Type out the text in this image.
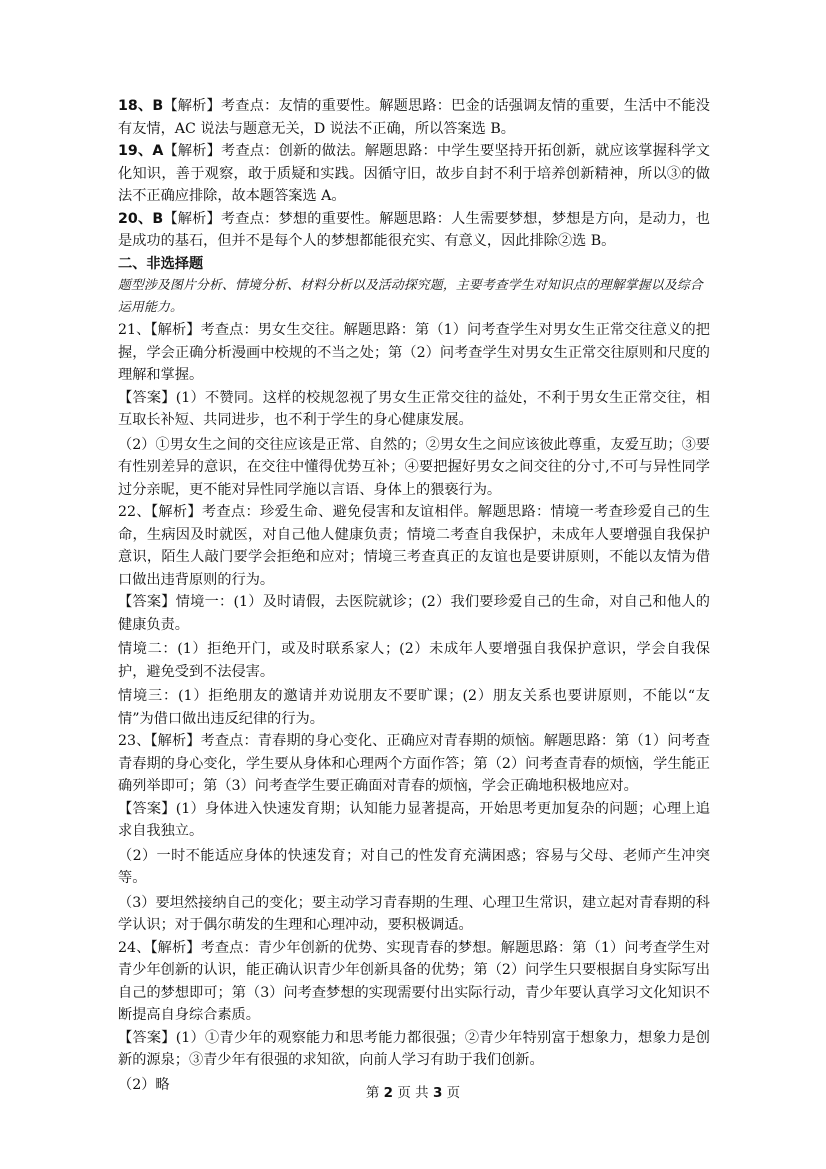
18、B【解析】考查点：友情的重要性。解题思路：巴金的话强调友情的重要，生活中不能没有友情，AC 说法与题意无关，D 说法不正确，所以答案选 B。

19、A【解析】考查点：创新的做法。解题思路：中学生要坚持开拓创新，就应该掌握科学文化知识，善于观察，敢于质疑和实践。因循守旧，故步自封不利于培养创新精神，所以③的做法不正确应排除，故本题答案选 A。

20、B【解析】考查点：梦想的重要性。解题思路：人生需要梦想，梦想是方向，是动力，也是成功的基石，但并不是每个人的梦想都能很充实、有意义，因此排除②选 B。

二、非选择题

题型涉及图片分析、情境分析、材料分析以及活动探究题，主要考查学生对知识点的理解掌握以及综合运用能力。

21、【解析】考查点：男女生交往。解题思路：第（1）问考查学生对男女生正常交往意义的把握，学会正确分析漫画中校规的不当之处；第（2）问考查学生对男女生正常交往原则和尺度的理解和掌握。

【答案】(1）不赞同。这样的校规忽视了男女生正常交往的益处，不利于男女生正常交往，相互取长补短、共同进步，也不利于学生的身心健康发展。

（2）①男女生之间的交往应该是正常、自然的；②男女生之间应该彼此尊重，友爱互助；③要有性别差异的意识，在交往中懂得优势互补；④要把握好男女之间交往的分寸,不可与异性同学过分亲昵，更不能对异性同学施以言语、身体上的猥亵行为。

22、【解析】考查点：珍爱生命、避免侵害和友谊相伴。解题思路：情境一考查珍爱自己的生命，生病因及时就医，对自己他人健康负责；情境二考查自我保护，未成年人要增强自我保护意识，陌生人敲门要学会拒绝和应对；情境三考查真正的友谊也是要讲原则，不能以友情为借口做出违背原则的行为。

【答案】情境一：(1）及时请假，去医院就诊；(2）我们要珍爱自己的生命，对自己和他人的健康负责。

情境二：(1）拒绝开门，或及时联系家人；(2）未成年人要增强自我保护意识，学会自我保护，避免受到不法侵害。

情境三：(1）拒绝朋友的邀请并劝说朋友不要旷课；(2）朋友关系也要讲原则，不能以“友情”为借口做出违反纪律的行为。

23、【解析】考查点：青春期的身心变化、正确应对青春期的烦恼。解题思路：第（1）问考查青春期的身心变化，学生要从身体和心理两个方面作答；第（2）问考查青春的烦恼，学生能正确列举即可；第（3）问考查学生要正确面对青春的烦恼，学会正确地积极地应对。

【答案】(1）身体进入快速发育期；认知能力显著提高，开始思考更加复杂的问题；心理上追求自我独立。

（2）一时不能适应身体的快速发育；对自己的性发育充满困惑；容易与父母、老师产生冲突等。

（3）要坦然接纳自己的变化；要主动学习青春期的生理、心理卫生常识，建立起对青春期的科学认识；对于偶尔萌发的生理和心理冲动，要积极调适。

24、【解析】考查点：青少年创新的优势、实现青春的梦想。解题思路：第（1）问考查学生对青少年创新的认识，能正确认识青少年创新具备的优势；第（2）问学生只要根据自身实际写出自己的梦想即可；第（3）问考查梦想的实现需要付出实际行动，青少年要认真学习文化知识不断提高自身综合素质。

【答案】(1）①青少年的观察能力和思考能力都很强；②青少年特别富于想象力，想象力是创新的源泉；③青少年有很强的求知欲，向前人学习有助于我们创新。

（2）略

第 2 页 共 3 页
